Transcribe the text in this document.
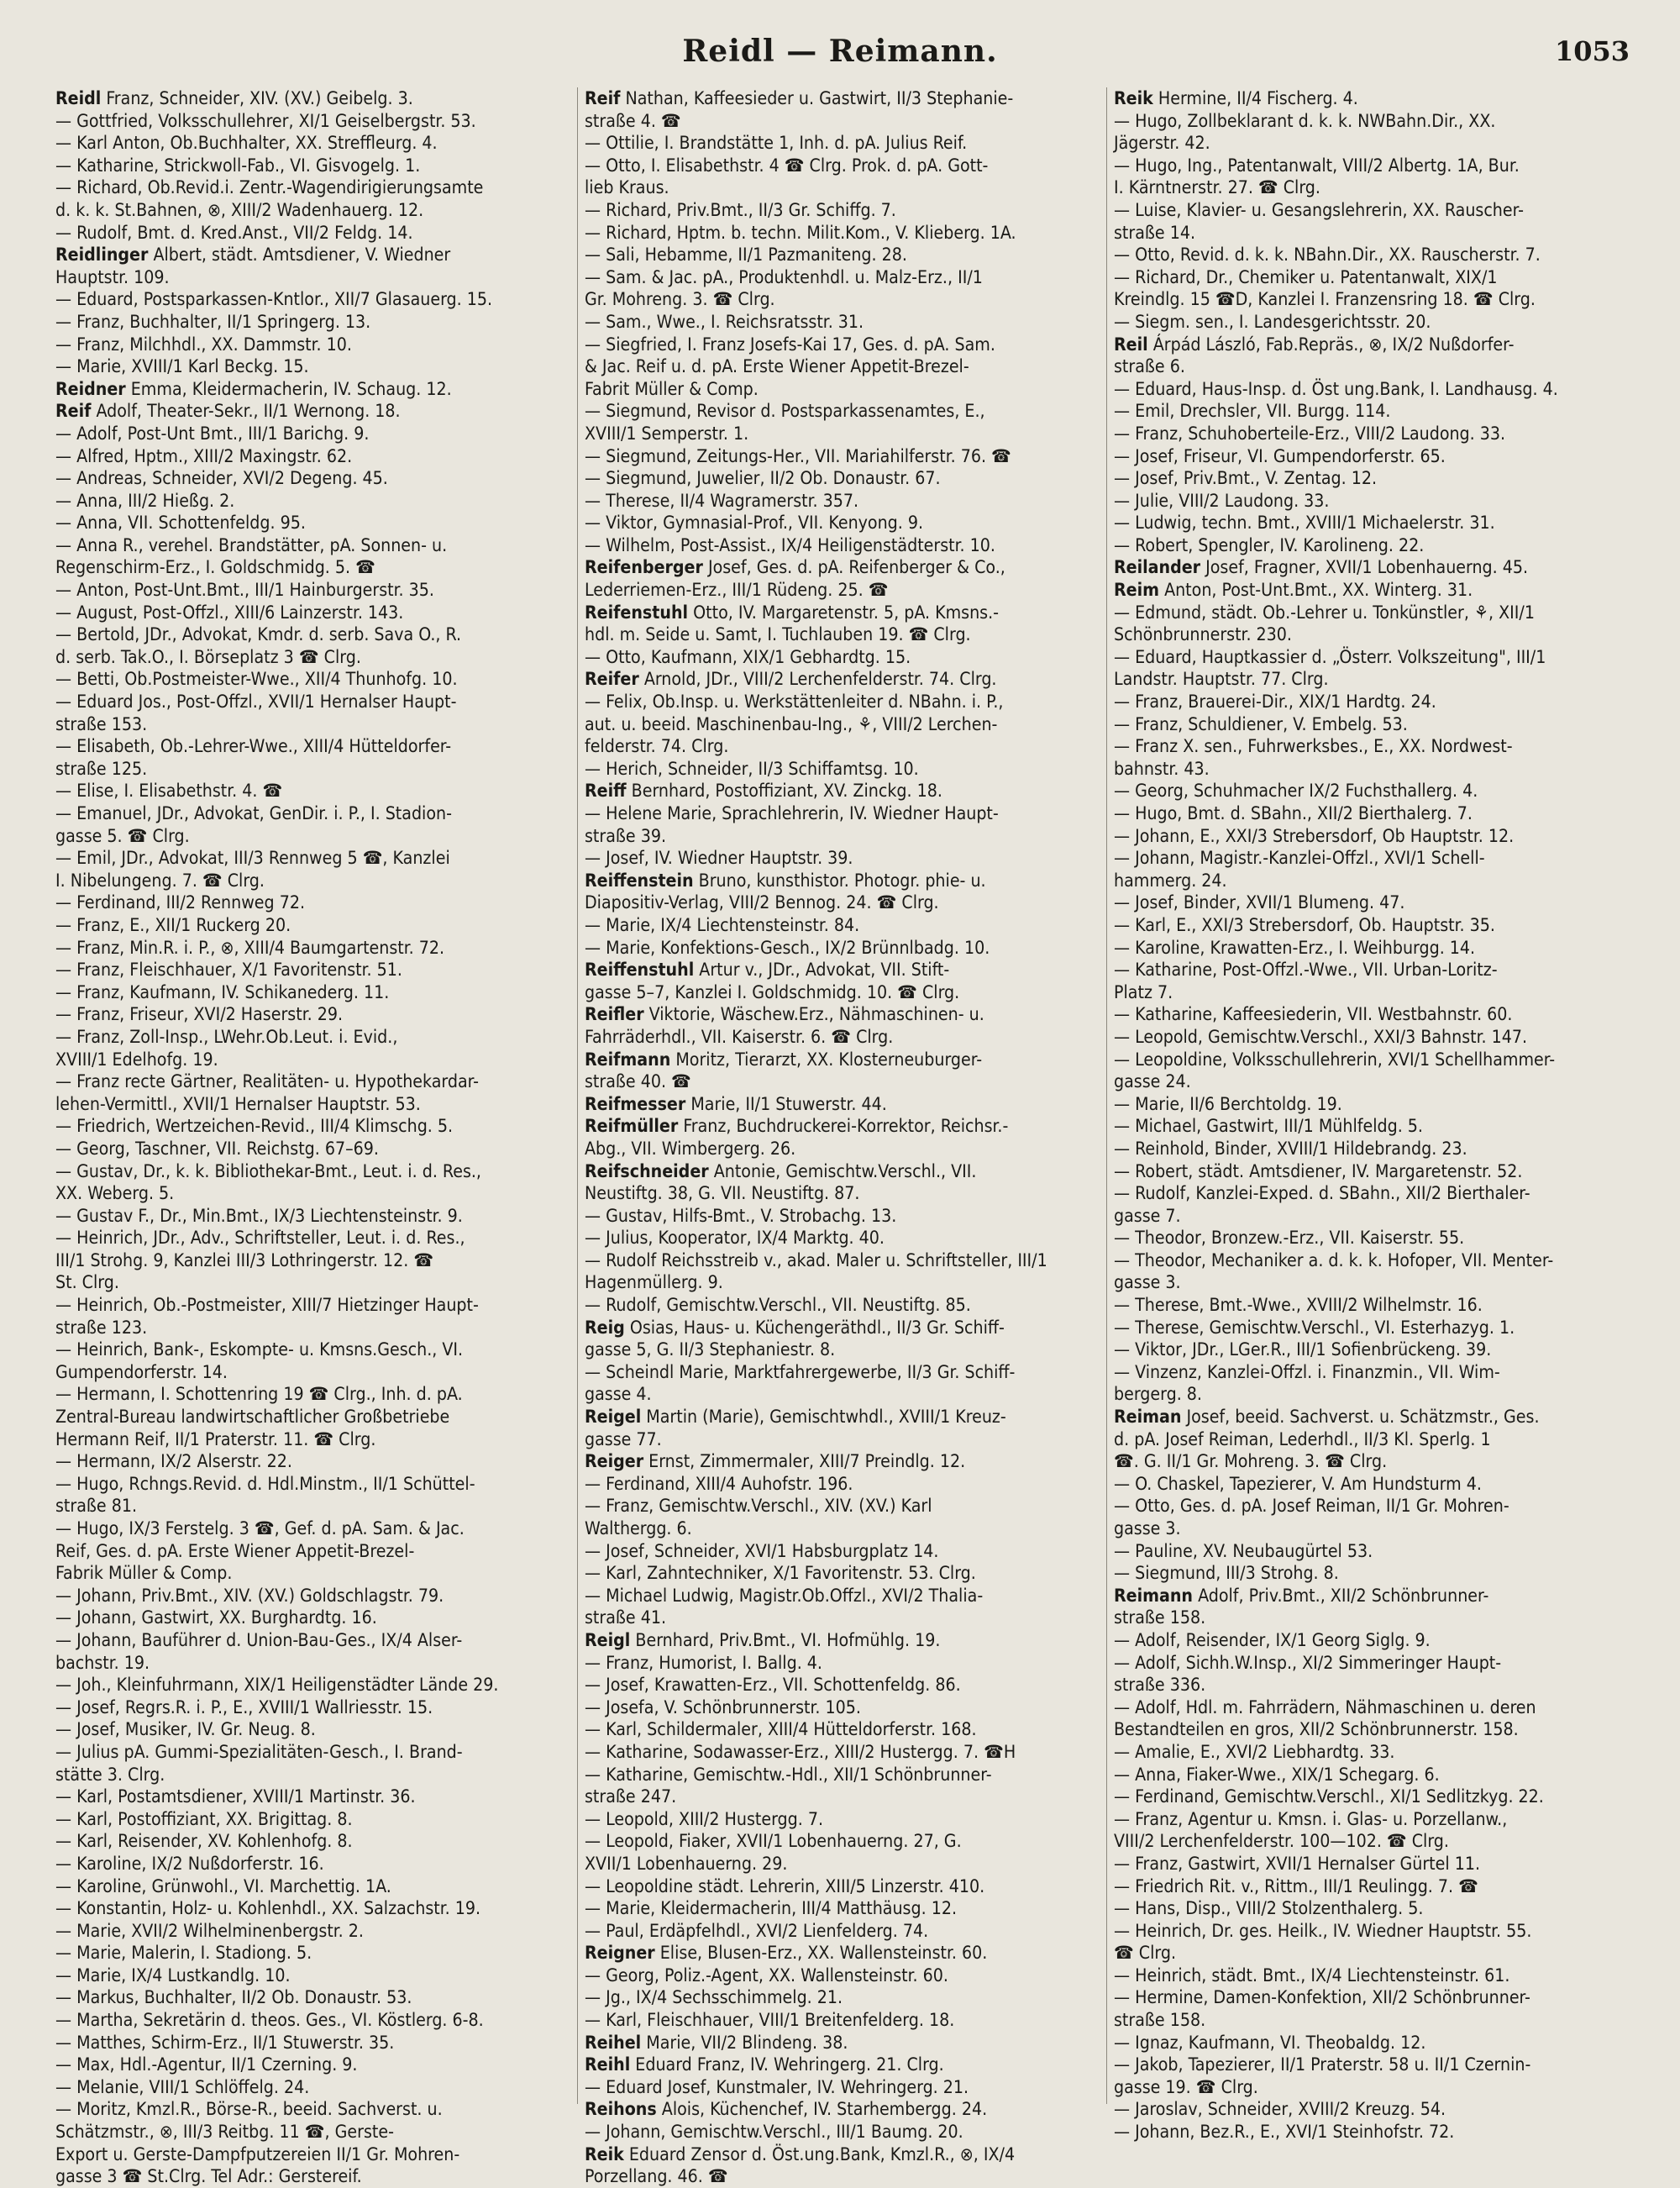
Reidl — Reimann.	1053
Reidl Franz, Schneider, XIV. (XV.) Geibelg. 3.
— Gottfried, Volksschullehrer, XI/1 Geiselbergstr. 53.
— Karl Anton, Ob.Buchhalter, XX. Streffleurg. 4.
— Katharine, Strickwoll-Fab., VI. Gisvogelg. 1.
— Richard, Ob.Revid.i. Zentr.-Wagendirigierungsamte
d. k. k. St.Bahnen, ⊗, XIII/2 Wadenhauerg. 12.
— Rudolf, Bmt. d. Kred.Anst., VII/2 Feldg. 14.
Reidlinger Albert, städt. Amtsdiener, V. Wiedner
Hauptstr. 109.
— Eduard, Postsparkassen-Kntlor., XII/7 Glasauerg. 15.
— Franz, Buchhalter, II/1 Springerg. 13.
— Franz, Milchhdl., XX. Dammstr. 10.
— Marie, XVIII/1 Karl Beckg. 15.
Reidner Emma, Kleidermacherin, IV. Schaug. 12.
Reif Adolf, Theater-Sekr., II/1 Wernong. 18.
— Adolf, Post-Unt Bmt., III/1 Barichg. 9.
— Alfred, Hptm., XIII/2 Maxingstr. 62.
— Andreas, Schneider, XVI/2 Degeng. 45.
— Anna, III/2 Hießg. 2.
— Anna, VII. Schottenfeldg. 95.
— Anna R., verehel. Brandstätter, pA. Sonnen- u.
Regenschirm-Erz., I. Goldschmidg. 5. ☎
— Anton, Post-Unt.Bmt., III/1 Hainburgerstr. 35.
— August, Post-Offzl., XIII/6 Lainzerstr. 143.
— Bertold, JDr., Advokat, Kmdr. d. serb. Sava O., R.
d. serb. Tak.O., I. Börseplatz 3 ☎ Clrg.
— Betti, Ob.Postmeister-Wwe., XII/4 Thunhofg. 10.
— Eduard Jos., Post-Offzl., XVII/1 Hernalser Haupt-
straße 153.
— Elisabeth, Ob.-Lehrer-Wwe., XIII/4 Hütteldorfer-
straße 125.
— Elise, I. Elisabethstr. 4. ☎
— Emanuel, JDr., Advokat, GenDir. i. P., I. Stadion-
gasse 5. ☎ Clrg.
— Emil, JDr., Advokat, III/3 Rennweg 5 ☎, Kanzlei
I. Nibelungeng. 7. ☎ Clrg.
— Ferdinand, III/2 Rennweg 72.
— Franz, E., XII/1 Ruckerg 20.
— Franz, Min.R. i. P., ⊗, XIII/4 Baumgartenstr. 72.
— Franz, Fleischhauer, X/1 Favoritenstr. 51.
— Franz, Kaufmann, IV. Schikanederg. 11.
— Franz, Friseur, XVI/2 Haserstr. 29.
— Franz, Zoll-Insp., LWehr.Ob.Leut. i. Evid.,
XVIII/1 Edelhofg. 19.
— Franz recte Gärtner, Realitäten- u. Hypothekardar-
lehen-Vermittl., XVII/1 Hernalser Hauptstr. 53.
— Friedrich, Wertzeichen-Revid., III/4 Klimschg. 5.
— Georg, Taschner, VII. Reichstg. 67–69.
— Gustav, Dr., k. k. Bibliothekar-Bmt., Leut. i. d. Res.,
XX. Weberg. 5.
— Gustav F., Dr., Min.Bmt., IX/3 Liechtensteinstr. 9.
— Heinrich, JDr., Adv., Schriftsteller, Leut. i. d. Res.,
III/1 Strohg. 9, Kanzlei III/3 Lothringerstr. 12. ☎
St. Clrg.
— Heinrich, Ob.-Postmeister, XIII/7 Hietzinger Haupt-
straße 123.
— Heinrich, Bank-, Eskompte- u. Kmsns.Gesch., VI.
Gumpendorferstr. 14.
— Hermann, I. Schottenring 19 ☎ Clrg., Inh. d. pA.
Zentral-Bureau landwirtschaftlicher Großbetriebe
Hermann Reif, II/1 Praterstr. 11. ☎ Clrg.
— Hermann, IX/2 Alserstr. 22.
— Hugo, Rchngs.Revid. d. Hdl.Minstm., II/1 Schüttel-
straße 81.
— Hugo, IX/3 Ferstelg. 3 ☎, Gef. d. pA. Sam. & Jac.
Reif, Ges. d. pA. Erste Wiener Appetit-Brezel-
Fabrik Müller & Comp.
— Johann, Priv.Bmt., XIV. (XV.) Goldschlagstr. 79.
— Johann, Gastwirt, XX. Burghardtg. 16.
— Johann, Bauführer d. Union-Bau-Ges., IX/4 Alser-
bachstr. 19.
— Joh., Kleinfuhrmann, XIX/1 Heiligenstädter Lände 29.
— Josef, Regrs.R. i. P., E., XVIII/1 Wallriesstr. 15.
— Josef, Musiker, IV. Gr. Neug. 8.
— Julius pA. Gummi-Spezialitäten-Gesch., I. Brand-
stätte 3. Clrg.
— Karl, Postamtsdiener, XVIII/1 Martinstr. 36.
— Karl, Postoffiziant, XX. Brigittag. 8.
— Karl, Reisender, XV. Kohlenhofg. 8.
— Karoline, IX/2 Nußdorferstr. 16.
— Karoline, Grünwohl., VI. Marchettig. 1A.
— Konstantin, Holz- u. Kohlenhdl., XX. Salzachstr. 19.
— Marie, XVII/2 Wilhelminenbergstr. 2.
— Marie, Malerin, I. Stadiong. 5.
— Marie, IX/4 Lustkandlg. 10.
— Markus, Buchhalter, II/2 Ob. Donaustr. 53.
— Martha, Sekretärin d. theos. Ges., VI. Köstlerg. 6-8.
— Matthes, Schirm-Erz., II/1 Stuwerstr. 35.
— Max, Hdl.-Agentur, II/1 Czerning. 9.
— Melanie, VIII/1 Schlöffelg. 24.
— Moritz, Kmzl.R., Börse-R., beeid. Sachverst. u.
Schätzmstr., ⊗, III/3 Reitbg. 11 ☎, Gerste-
Export u. Gerste-Dampfputzereien II/1 Gr. Mohren-
gasse 3 ☎ St.Clrg. Tel Adr.: Gerstereif.
Reif Nathan, Kaffeesieder u. Gastwirt, II/3 Stephanie-
straße 4. ☎
— Ottilie, I. Brandstätte 1, Inh. d. pA. Julius Reif.
— Otto, I. Elisabethstr. 4 ☎ Clrg. Prok. d. pA. Gott-
lieb Kraus.
— Richard, Priv.Bmt., II/3 Gr. Schiffg. 7.
— Richard, Hptm. b. techn. Milit.Kom., V. Klieberg. 1A.
— Sali, Hebamme, II/1 Pazmaniteng. 28.
— Sam. & Jac. pA., Produktenhdl. u. Malz-Erz., II/1
Gr. Mohreng. 3. ☎ Clrg.
— Sam., Wwe., I. Reichsratsstr. 31.
— Siegfried, I. Franz Josefs-Kai 17, Ges. d. pA. Sam.
& Jac. Reif u. d. pA. Erste Wiener Appetit-Brezel-
Fabrit Müller & Comp.
— Siegmund, Revisor d. Postsparkassenamtes, E.,
XVIII/1 Semperstr. 1.
— Siegmund, Zeitungs-Her., VII. Mariahilferstr. 76. ☎
— Siegmund, Juwelier, II/2 Ob. Donaustr. 67.
— Therese, II/4 Wagramerstr. 357.
— Viktor, Gymnasial-Prof., VII. Kenyong. 9.
— Wilhelm, Post-Assist., IX/4 Heiligenstädterstr. 10.
Reifenberger Josef, Ges. d. pA. Reifenberger & Co.,
Lederriemen-Erz., III/1 Rüdeng. 25. ☎
Reifenstuhl Otto, IV. Margaretenstr. 5, pA. Kmsns.-
hdl. m. Seide u. Samt, I. Tuchlauben 19. ☎ Clrg.
— Otto, Kaufmann, XIX/1 Gebhardtg. 15.
Reifer Arnold, JDr., VIII/2 Lerchenfelderstr. 74. Clrg.
— Felix, Ob.Insp. u. Werkstättenleiter d. NBahn. i. P.,
aut. u. beeid. Maschinenbau-Ing., ⚘, VIII/2 Lerchen-
felderstr. 74. Clrg.
— Herich, Schneider, II/3 Schiffamtsg. 10.
Reiff Bernhard, Postoffiziant, XV. Zinckg. 18.
— Helene Marie, Sprachlehrerin, IV. Wiedner Haupt-
straße 39.
— Josef, IV. Wiedner Hauptstr. 39.
Reiffenstein Bruno, kunsthistor. Photogr. phie- u.
Diapositiv-Verlag, VIII/2 Bennog. 24. ☎ Clrg.
— Marie, IX/4 Liechtensteinstr. 84.
— Marie, Konfektions-Gesch., IX/2 Brünnlbadg. 10.
Reiffenstuhl Artur v., JDr., Advokat, VII. Stift-
gasse 5–7, Kanzlei I. Goldschmidg. 10. ☎ Clrg.
Reifler Viktorie, Wäschew.Erz., Nähmaschinen- u.
Fahrräderhdl., VII. Kaiserstr. 6. ☎ Clrg.
Reifmann Moritz, Tierarzt, XX. Klosterneuburger-
straße 40. ☎
Reifmesser Marie, II/1 Stuwerstr. 44.
Reifmüller Franz, Buchdruckerei-Korrektor, Reichsr.-
Abg., VII. Wimbergerg. 26.
Reifschneider Antonie, Gemischtw.Verschl., VII.
Neustiftg. 38, G. VII. Neustiftg. 87.
— Gustav, Hilfs-Bmt., V. Strobachg. 13.
— Julius, Kooperator, IX/4 Marktg. 40.
— Rudolf Reichsstreib v., akad. Maler u. Schriftsteller, III/1
Hagenmüllerg. 9.
— Rudolf, Gemischtw.Verschl., VII. Neustiftg. 85.
Reig Osias, Haus- u. Küchengeräthdl., II/3 Gr. Schiff-
gasse 5, G. II/3 Stephaniestr. 8.
— Scheindl Marie, Marktfahrergewerbe, II/3 Gr. Schiff-
gasse 4.
Reigel Martin (Marie), Gemischtwhdl., XVIII/1 Kreuz-
gasse 77.
Reiger Ernst, Zimmermaler, XIII/7 Preindlg. 12.
— Ferdinand, XIII/4 Auhofstr. 196.
— Franz, Gemischtw.Verschl., XIV. (XV.) Karl
Walthergg. 6.
— Josef, Schneider, XVI/1 Habsburgplatz 14.
— Karl, Zahntechniker, X/1 Favoritenstr. 53. Clrg.
— Michael Ludwig, Magistr.Ob.Offzl., XVI/2 Thalia-
straße 41.
Reigl Bernhard, Priv.Bmt., VI. Hofmühlg. 19.
— Franz, Humorist, I. Ballg. 4.
— Josef, Krawatten-Erz., VII. Schottenfeldg. 86.
— Josefa, V. Schönbrunnerstr. 105.
— Karl, Schildermaler, XIII/4 Hütteldorferstr. 168.
— Katharine, Sodawasser-Erz., XIII/2 Hustergg. 7. ☎H
— Katharine, Gemischtw.-Hdl., XII/1 Schönbrunner-
straße 247.
— Leopold, XIII/2 Hustergg. 7.
— Leopold, Fiaker, XVII/1 Lobenhauerng. 27, G.
XVII/1 Lobenhauerng. 29.
— Leopoldine städt. Lehrerin, XIII/5 Linzerstr. 410.
— Marie, Kleidermacherin, III/4 Matthäusg. 12.
— Paul, Erdäpfelhdl., XVI/2 Lienfelderg. 74.
Reigner Elise, Blusen-Erz., XX. Wallensteinstr. 60.
— Georg, Poliz.-Agent, XX. Wallensteinstr. 60.
— Jg., IX/4 Sechsschimmelg. 21.
— Karl, Fleischhauer, VIII/1 Breitenfelderg. 18.
Reihel Marie, VII/2 Blindeng. 38.
Reihl Eduard Franz, IV. Wehringerg. 21. Clrg.
— Eduard Josef, Kunstmaler, IV. Wehringerg. 21.
Reihons Alois, Küchenchef, IV. Starhembergg. 24.
— Johann, Gemischtw.Verschl., III/1 Baumg. 20.
Reik Eduard Zensor d. Öst.ung.Bank, Kmzl.R., ⊗, IX/4
Porzellang. 46. ☎
Reik Hermine, II/4 Fischerg. 4.
— Hugo, Zollbeklarant d. k. k. NWBahn.Dir., XX.
Jägerstr. 42.
— Hugo, Ing., Patentanwalt, VIII/2 Albertg. 1A, Bur.
I. Kärntnerstr. 27. ☎ Clrg.
— Luise, Klavier- u. Gesangslehrerin, XX. Rauscher-
straße 14.
— Otto, Revid. d. k. k. NBahn.Dir., XX. Rauscherstr. 7.
— Richard, Dr., Chemiker u. Patentanwalt, XIX/1
Kreindlg. 15 ☎D, Kanzlei I. Franzensring 18. ☎ Clrg.
— Siegm. sen., I. Landesgerichtsstr. 20.
Reil Árpád László, Fab.Repräs., ⊗, IX/2 Nußdorfer-
straße 6.
— Eduard, Haus-Insp. d. Öst ung.Bank, I. Landhausg. 4.
— Emil, Drechsler, VII. Burgg. 114.
— Franz, Schuhoberteile-Erz., VIII/2 Laudong. 33.
— Josef, Friseur, VI. Gumpendorferstr. 65.
— Josef, Priv.Bmt., V. Zentag. 12.
— Julie, VIII/2 Laudong. 33.
— Ludwig, techn. Bmt., XVIII/1 Michaelerstr. 31.
— Robert, Spengler, IV. Karolineng. 22.
Reilander Josef, Fragner, XVII/1 Lobenhauerng. 45.
Reim Anton, Post-Unt.Bmt., XX. Winterg. 31.
— Edmund, städt. Ob.-Lehrer u. Tonkünstler, ⚘, XII/1
Schönbrunnerstr. 230.
— Eduard, Hauptkassier d. „Österr. Volkszeitung", III/1
Landstr. Hauptstr. 77. Clrg.
— Franz, Brauerei-Dir., XIX/1 Hardtg. 24.
— Franz, Schuldiener, V. Embelg. 53.
— Franz X. sen., Fuhrwerksbes., E., XX. Nordwest-
bahnstr. 43.
— Georg, Schuhmacher IX/2 Fuchsthallerg. 4.
— Hugo, Bmt. d. SBahn., XII/2 Bierthalerg. 7.
— Johann, E., XXI/3 Strebersdorf, Ob Hauptstr. 12.
— Johann, Magistr.-Kanzlei-Offzl., XVI/1 Schell-
hammerg. 24.
— Josef, Binder, XVII/1 Blumeng. 47.
— Karl, E., XXI/3 Strebersdorf, Ob. Hauptstr. 35.
— Karoline, Krawatten-Erz., I. Weihburgg. 14.
— Katharine, Post-Offzl.-Wwe., VII. Urban-Loritz-
Platz 7.
— Katharine, Kaffeesiederin, VII. Westbahnstr. 60.
— Leopold, Gemischtw.Verschl., XXI/3 Bahnstr. 147.
— Leopoldine, Volksschullehrerin, XVI/1 Schellhammer-
gasse 24.
— Marie, II/6 Berchtoldg. 19.
— Michael, Gastwirt, III/1 Mühlfeldg. 5.
— Reinhold, Binder, XVIII/1 Hildebrandg. 23.
— Robert, städt. Amtsdiener, IV. Margaretenstr. 52.
— Rudolf, Kanzlei-Exped. d. SBahn., XII/2 Bierthaler-
gasse 7.
— Theodor, Bronzew.-Erz., VII. Kaiserstr. 55.
— Theodor, Mechaniker a. d. k. k. Hofoper, VII. Menter-
gasse 3.
— Therese, Bmt.-Wwe., XVIII/2 Wilhelmstr. 16.
— Therese, Gemischtw.Verschl., VI. Esterhazyg. 1.
— Viktor, JDr., LGer.R., III/1 Sofienbrückeng. 39.
— Vinzenz, Kanzlei-Offzl. i. Finanzmin., VII. Wim-
bergerg. 8.
Reiman Josef, beeid. Sachverst. u. Schätzmstr., Ges.
d. pA. Josef Reiman, Lederhdl., II/3 Kl. Sperlg. 1
☎. G. II/1 Gr. Mohreng. 3. ☎ Clrg.
— O. Chaskel, Tapezierer, V. Am Hundsturm 4.
— Otto, Ges. d. pA. Josef Reiman, II/1 Gr. Mohren-
gasse 3.
— Pauline, XV. Neubaugürtel 53.
— Siegmund, III/3 Strohg. 8.
Reimann Adolf, Priv.Bmt., XII/2 Schönbrunner-
straße 158.
— Adolf, Reisender, IX/1 Georg Siglg. 9.
— Adolf, Sichh.W.Insp., XI/2 Simmeringer Haupt-
straße 336.
— Adolf, Hdl. m. Fahrrädern, Nähmaschinen u. deren
Bestandteilen en gros, XII/2 Schönbrunnerstr. 158.
— Amalie, E., XVI/2 Liebhardtg. 33.
— Anna, Fiaker-Wwe., XIX/1 Schegarg. 6.
— Ferdinand, Gemischtw.Verschl., XI/1 Sedlitzkyg. 22.
— Franz, Agentur u. Kmsn. i. Glas- u. Porzellanw.,
VIII/2 Lerchenfelderstr. 100—102. ☎ Clrg.
— Franz, Gastwirt, XVII/1 Hernalser Gürtel 11.
— Friedrich Rit. v., Rittm., III/1 Reulingg. 7. ☎
— Hans, Disp., VIII/2 Stolzenthalerg. 5.
— Heinrich, Dr. ges. Heilk., IV. Wiedner Hauptstr. 55.
☎ Clrg.
— Heinrich, städt. Bmt., IX/4 Liechtensteinstr. 61.
— Hermine, Damen-Konfektion, XII/2 Schönbrunner-
straße 158.
— Ignaz, Kaufmann, VI. Theobaldg. 12.
— Jakob, Tapezierer, II/1 Praterstr. 58 u. II/1 Czernin-
gasse 19. ☎ Clrg.
— Jaroslav, Schneider, XVIII/2 Kreuzg. 54.
— Johann, Bez.R., E., XVI/1 Steinhofstr. 72.
